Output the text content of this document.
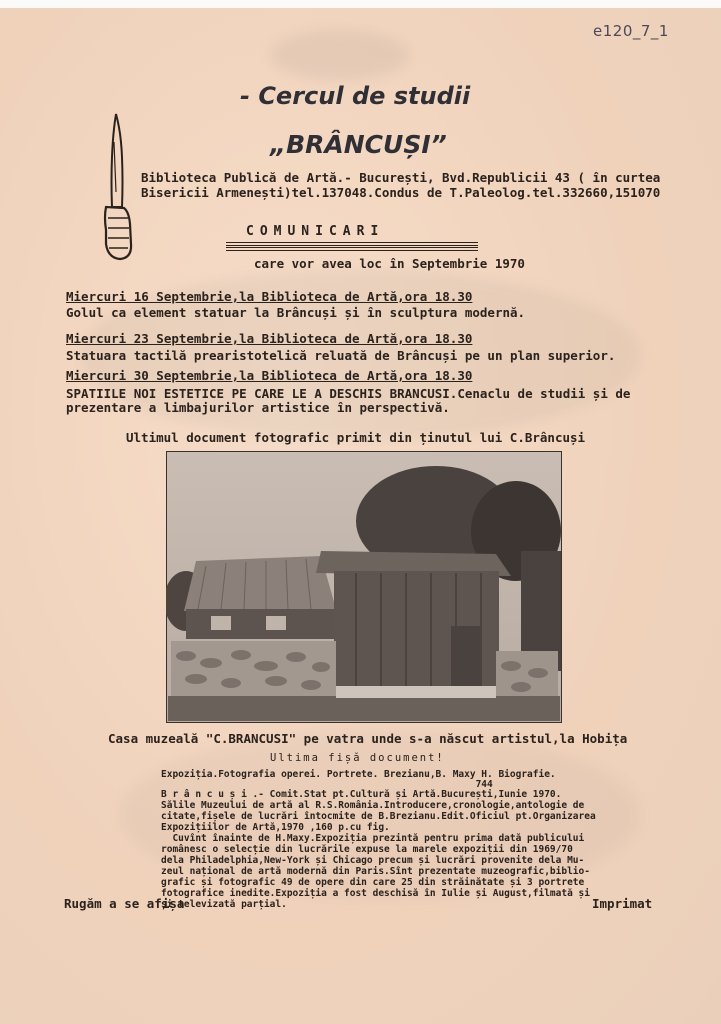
e120_7_1
- Cercul de studii
„BRÂNCUȘI”
Biblioteca Publică de Artă.- București, Bvd.Republicii 43 ( în curtea
Bisericii Armenești)tel.137048.Condus de T.Paleolog.tel.332660,151070
COMUNICARI
care vor avea loc în Septembrie 1970
Miercuri 16 Septembrie,la Biblioteca de Artă,ora 18.30
Golul ca element statuar la Brâncuși și în sculptura modernă.
Miercuri 23 Septembrie,la Biblioteca de Artă,ora 18.30
Statuara tactilă prearistotelică reluată de Brâncuși pe un plan superior.
Miercuri 30 Septembrie,la Biblioteca de Artă,ora 18.30
SPATIILE NOI ESTETICE PE CARE LE A DESCHIS BRANCUSI.Cenaclu de studii și de
prezentare a limbajurilor artistice în perspectivă.
Ultimul document fotografic primit din ținutul lui C.Brâncuși
Casa muzeală "C.BRANCUSI" pe vatra unde s-a născut artistul,la Hobița
Ultima fișă document!
Expoziția.Fotografia operei. Portrete. Brezianu,B. Maxy H. Biografie.
744
B r â n c u ș i .- Comit.Stat pt.Cultură și Artă.București,Iunie 1970.
Sălile Muzeului de artă al R.S.România.Introducere,cronologie,antologie de
citate,fișele de lucrări întocmite de B.Brezianu.Edit.Oficiul pt.Organizarea
Expozițiilor de Artă,1970 ,160 p.cu fig.
Cuvînt înainte de H.Maxy.Expoziția prezintă pentru prima dată publicului
românesc o selecție din lucrările expuse la marele expoziții din 1969/70
dela Philadelphia,New-York și Chicago precum și lucrări provenite dela Mu-
zeul național de artă modernă din Paris.Sînt prezentate muzeografic,biblio-
grafic și fotografic 49 de opere din care 25 din străinătate și 3 portrete
fotografice inedite.Expoziția a fost deschisă în Iulie și August,filmată și
și televizată parțial.
Rugăm a se afișa	Imprimat
